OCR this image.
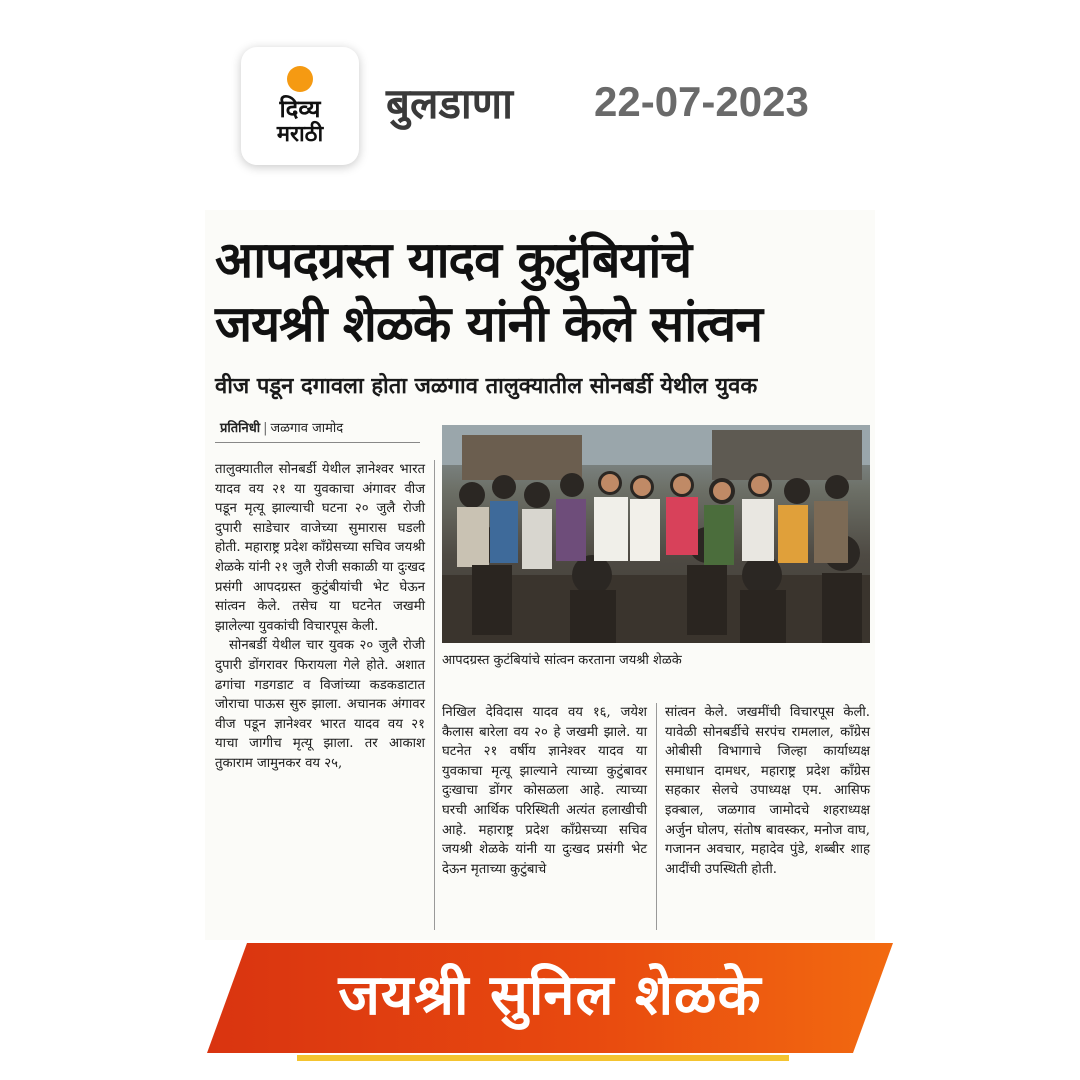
दिव्य
मराठी
बुलडाणा 22-07-2023
आपदग्रस्त यादव कुटुंबियांचे
जयश्री शेळके यांनी केले सांत्वन
वीज पडून दगावला होता जळगाव तालुक्यातील सोनबर्डी येथील युवक
प्रतिनिधी | जळगाव जामोद

तालुक्यातील सोनबर्डी येथील ज्ञानेश्वर भारत यादव वय २१ या युवकाचा अंगावर वीज पडून मृत्यू झाल्याची घटना २० जुलै रोजी दुपारी साडेचार वाजेच्या सुमारास घडली होती. महाराष्ट्र प्रदेश काँग्रेसच्या सचिव जयश्री शेळके यांनी २१ जुलै रोजी सकाळी या दुःखद प्रसंगी आपदग्रस्त कुटुंबीयांची भेट घेऊन सांत्वन केले. तसेच या घटनेत जखमी झालेल्या युवकांची विचारपूस केली.

सोनबर्डी येथील चार युवक २० जुलै रोजी दुपारी डोंगरावर फिरायला गेले होते. अशात ढगांचा गडगडाट व विजांच्या कडकडाटात जोराचा पाऊस सुरु झाला. अचानक अंगावर वीज पडून ज्ञानेश्वर भारत यादव वय २१ याचा जागीच मृत्यू झाला. तर आकाश तुकाराम जामुनकर वय २५,

आपदग्रस्त कुटंबियांचे सांत्वन करताना जयश्री शेळके

निखिल देविदास यादव वय १६, जयेश कैलास बारेला वय २० हे जखमी झाले. या घटनेत २१ वर्षीय ज्ञानेश्वर यादव या युवकाचा मृत्यू झाल्याने त्याच्या कुटुंबावर दुःखाचा डोंगर कोसळला आहे. त्याच्या घरची आर्थिक परिस्थिती अत्यंत हलाखीची आहे. महाराष्ट्र प्रदेश काँग्रेसच्या सचिव जयश्री शेळके यांनी या दुःखद प्रसंगी भेट देऊन मृताच्या कुटुंबाचे

सांत्वन केले. जखमींची विचारपूस केली. यावेळी सोनबर्डीचे सरपंच रामलाल, काँग्रेस ओबीसी विभागाचे जिल्हा कार्याध्यक्ष समाधान दामधर, महाराष्ट्र प्रदेश काँग्रेस सहकार सेलचे उपाध्यक्ष एम. आसिफ इक्बाल, जळगाव जामोदचे शहराध्यक्ष अर्जुन घोलप, संतोष बावस्कर, मनोज वाघ, गजानन अवचार, महादेव पुंडे, शब्बीर शाह आदींची उपस्थिती होती.

जयश्री सुनिल शेळके
